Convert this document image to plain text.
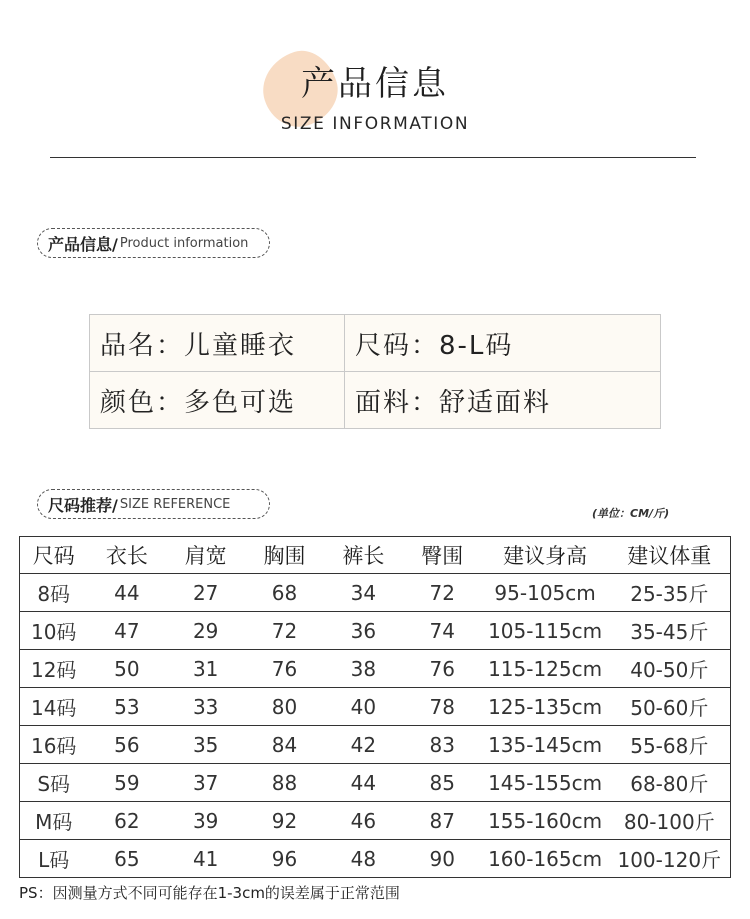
产品信息
SIZE INFORMATION
产品信息/ Product information
品名：儿童睡衣	尺码：8-L码
颜色：多色可选	面料：舒适面料
尺码推荐/ SIZE REFERENCE
(单位：CM/斤)
尺码	衣长	肩宽	胸围	裤长	臀围	建议身高	建议体重
8码	44	27	68	34	72	95-105cm	25-35斤
10码	47	29	72	36	74	105-115cm	35-45斤
12码	50	31	76	38	76	115-125cm	40-50斤
14码	53	33	80	40	78	125-135cm	50-60斤
16码	56	35	84	42	83	135-145cm	55-68斤
S码	59	37	88	44	85	145-155cm	68-80斤
M码	62	39	92	46	87	155-160cm	80-100斤
L码	65	41	96	48	90	160-165cm	100-120斤
PS：因测量方式不同可能存在1-3cm的误差属于正常范围
